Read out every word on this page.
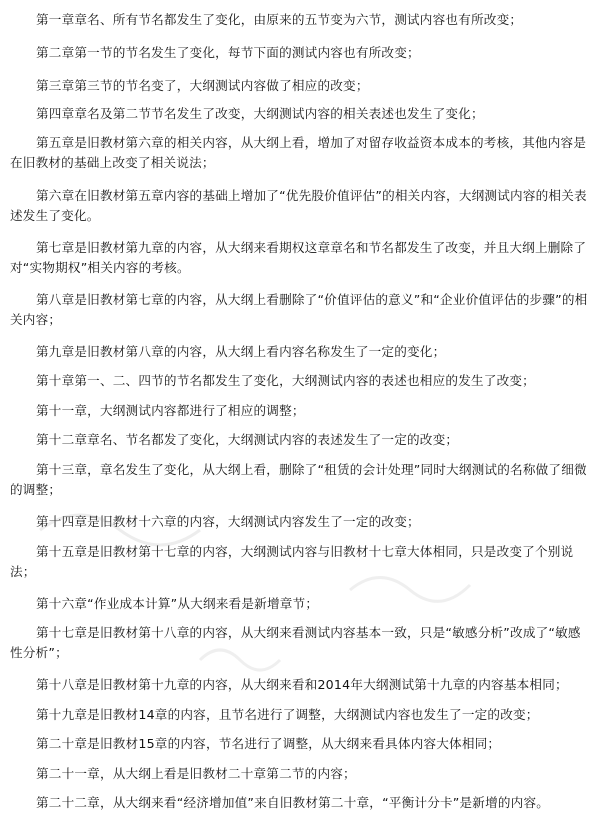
第一章章名、所有节名都发生了变化，由原来的五节变为六节，测试内容也有所改变；

第二章第一节的节名发生了变化，每节下面的测试内容也有所改变；

第三章第三节的节名变了，大纲测试内容做了相应的改变；

第四章章名及第二节节名发生了改变，大纲测试内容的相关表述也发生了变化；

第五章是旧教材第六章的相关内容，从大纲上看，增加了对留存收益资本成本的考核，其他内容是在旧教材的基础上改变了相关说法；

第六章在旧教材第五章内容的基础上增加了“优先股价值评估”的相关内容，大纲测试内容的相关表述发生了变化。

第七章是旧教材第九章的内容，从大纲来看期权这章章名和节名都发生了改变，并且大纲上删除了对“实物期权”相关内容的考核。

第八章是旧教材第七章的内容，从大纲上看删除了“价值评估的意义”和“企业价值评估的步骤”的相关内容；

第九章是旧教材第八章的内容，从大纲上看内容名称发生了一定的变化；

第十章第一、二、四节的节名都发生了变化，大纲测试内容的表述也相应的发生了改变；

第十一章，大纲测试内容都进行了相应的调整；

第十二章章名、节名都发了变化，大纲测试内容的表述发生了一定的改变；

第十三章，章名发生了变化，从大纲上看，删除了“租赁的会计处理”同时大纲测试的名称做了细微的调整；

第十四章是旧教材十六章的内容，大纲测试内容发生了一定的改变；

第十五章是旧教材第十七章的内容，大纲测试内容与旧教材十七章大体相同，只是改变了个别说法；

第十六章“作业成本计算”从大纲来看是新增章节；

第十七章是旧教材第十八章的内容，从大纲来看测试内容基本一致，只是“敏感分析”改成了“敏感性分析”；

第十八章是旧教材第十九章的内容，从大纲来看和2014年大纲测试第十九章的内容基本相同；

第十九章是旧教材14章的内容，且节名进行了调整，大纲测试内容也发生了一定的改变；

第二十章是旧教材15章的内容，节名进行了调整，从大纲来看具体内容大体相同；

第二十一章，从大纲上看是旧教材二十章第二节的内容；

第二十二章，从大纲来看“经济增加值”来自旧教材第二十章，“平衡计分卡”是新增的内容。
